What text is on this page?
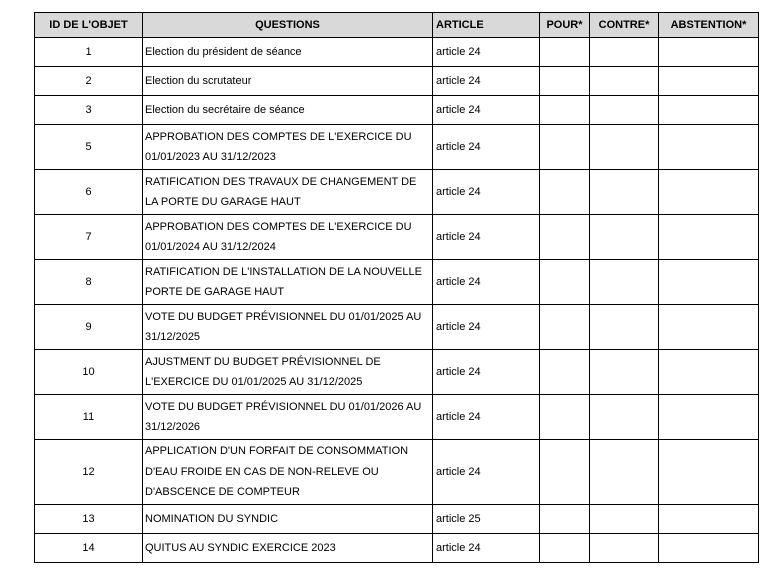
ID DE L'OBJET	QUESTIONS	ARTICLE	POUR*	CONTRE*	ABSTENTION*
1	Election du président de séance	article 24			
2	Election du scrutateur	article 24			
3	Election du secrétaire de séance	article 24			
5	APPROBATION DES COMPTES DE L'EXERCICE DU 01/01/2023 AU 31/12/2023	article 24			
6	RATIFICATION DES TRAVAUX DE CHANGEMENT DE LA PORTE DU GARAGE HAUT	article 24			
7	APPROBATION DES COMPTES DE L'EXERCICE DU 01/01/2024 AU 31/12/2024	article 24			
8	RATIFICATION DE L'INSTALLATION DE LA NOUVELLE PORTE DE GARAGE HAUT	article 24			
9	VOTE DU BUDGET PRÉVISIONNEL DU 01/01/2025 AU 31/12/2025	article 24			
10	AJUSTMENT DU BUDGET PRÉVISIONNEL DE L'EXERCICE DU 01/01/2025 AU 31/12/2025	article 24			
11	VOTE DU BUDGET PRÉVISIONNEL DU 01/01/2026 AU 31/12/2026	article 24			
12	APPLICATION D'UN FORFAIT DE CONSOMMATION D'EAU FROIDE EN CAS DE NON-RELEVE OU D'ABSCENCE DE COMPTEUR	article 24			
13	NOMINATION DU SYNDIC	article 25			
14	QUITUS AU SYNDIC EXERCICE 2023	article 24			
